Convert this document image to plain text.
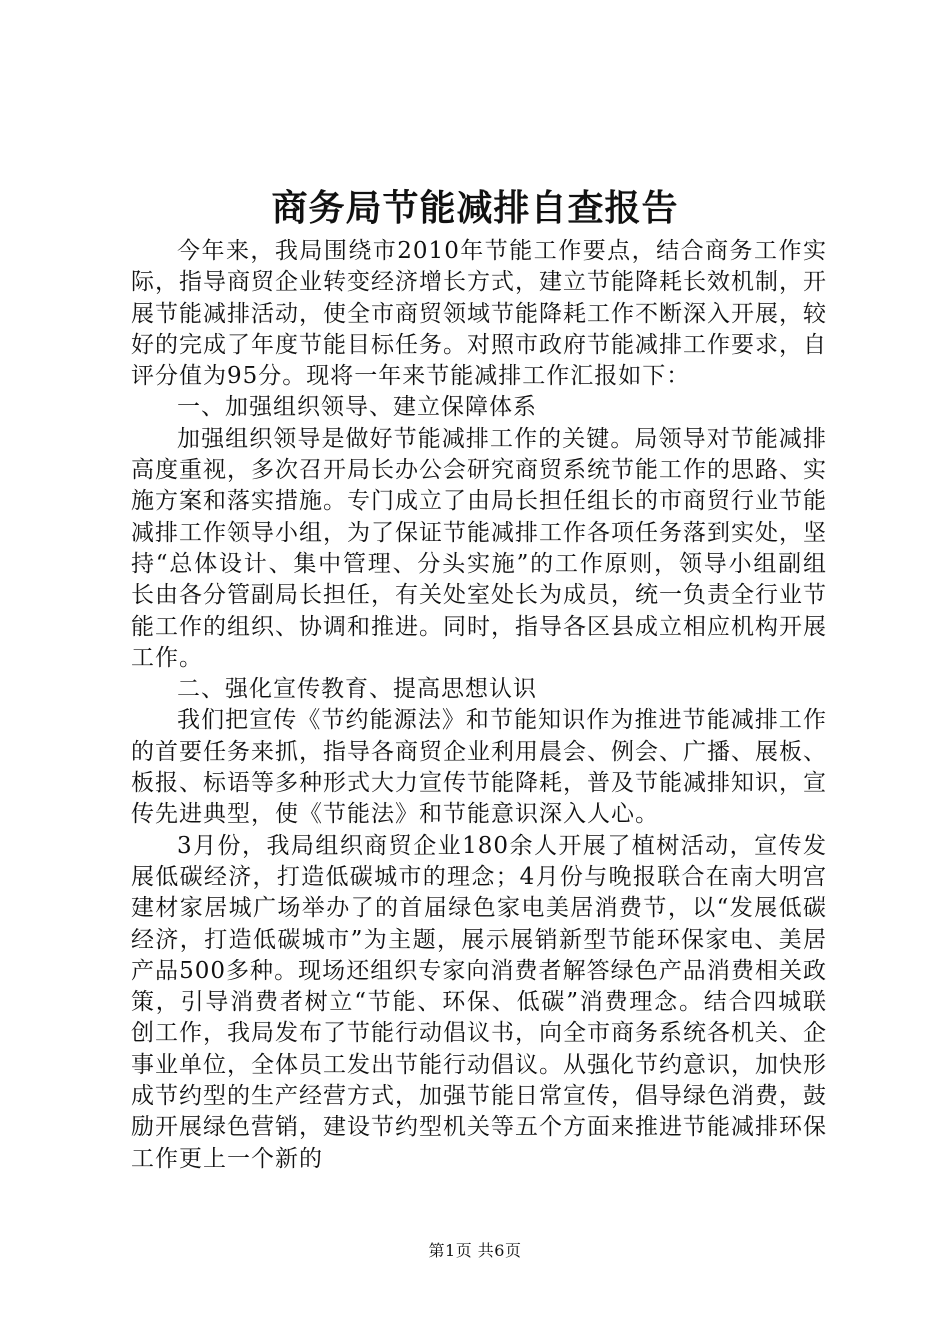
商务局节能减排自查报告

今年来，我局围绕市2010年节能工作要点，结合商务工作实际，指导商贸企业转变经济增长方式，建立节能降耗长效机制，开展节能减排活动，使全市商贸领域节能降耗工作不断深入开展，较好的完成了年度节能目标任务。对照市政府节能减排工作要求，自评分值为95分。现将一年来节能减排工作汇报如下：

一、加强组织领导、建立保障体系

加强组织领导是做好节能减排工作的关键。局领导对节能减排高度重视，多次召开局长办公会研究商贸系统节能工作的思路、实施方案和落实措施。专门成立了由局长担任组长的市商贸行业节能减排工作领导小组，为了保证节能减排工作各项任务落到实处，坚持“总体设计、集中管理、分头实施”的工作原则，领导小组副组长由各分管副局长担任，有关处室处长为成员，统一负责全行业节能工作的组织、协调和推进。同时，指导各区县成立相应机构开展工作。

二、强化宣传教育、提高思想认识

我们把宣传《节约能源法》和节能知识作为推进节能减排工作的首要任务来抓，指导各商贸企业利用晨会、例会、广播、展板、板报、标语等多种形式大力宣传节能降耗，普及节能减排知识，宣传先进典型，使《节能法》和节能意识深入人心。

3月份，我局组织商贸企业180余人开展了植树活动，宣传发展低碳经济，打造低碳城市的理念；4月份与晚报联合在南大明宫建材家居城广场举办了的首届绿色家电美居消费节，以“发展低碳经济，打造低碳城市”为主题，展示展销新型节能环保家电、美居产品500多种。现场还组织专家向消费者解答绿色产品消费相关政策，引导消费者树立“节能、环保、低碳”消费理念。结合四城联创工作，我局发布了节能行动倡议书，向全市商务系统各机关、企事业单位，全体员工发出节能行动倡议。从强化节约意识，加快形成节约型的生产经营方式，加强节能日常宣传，倡导绿色消费，鼓励开展绿色营销，建设节约型机关等五个方面来推进节能减排环保工作更上一个新的

第1页 共6页
